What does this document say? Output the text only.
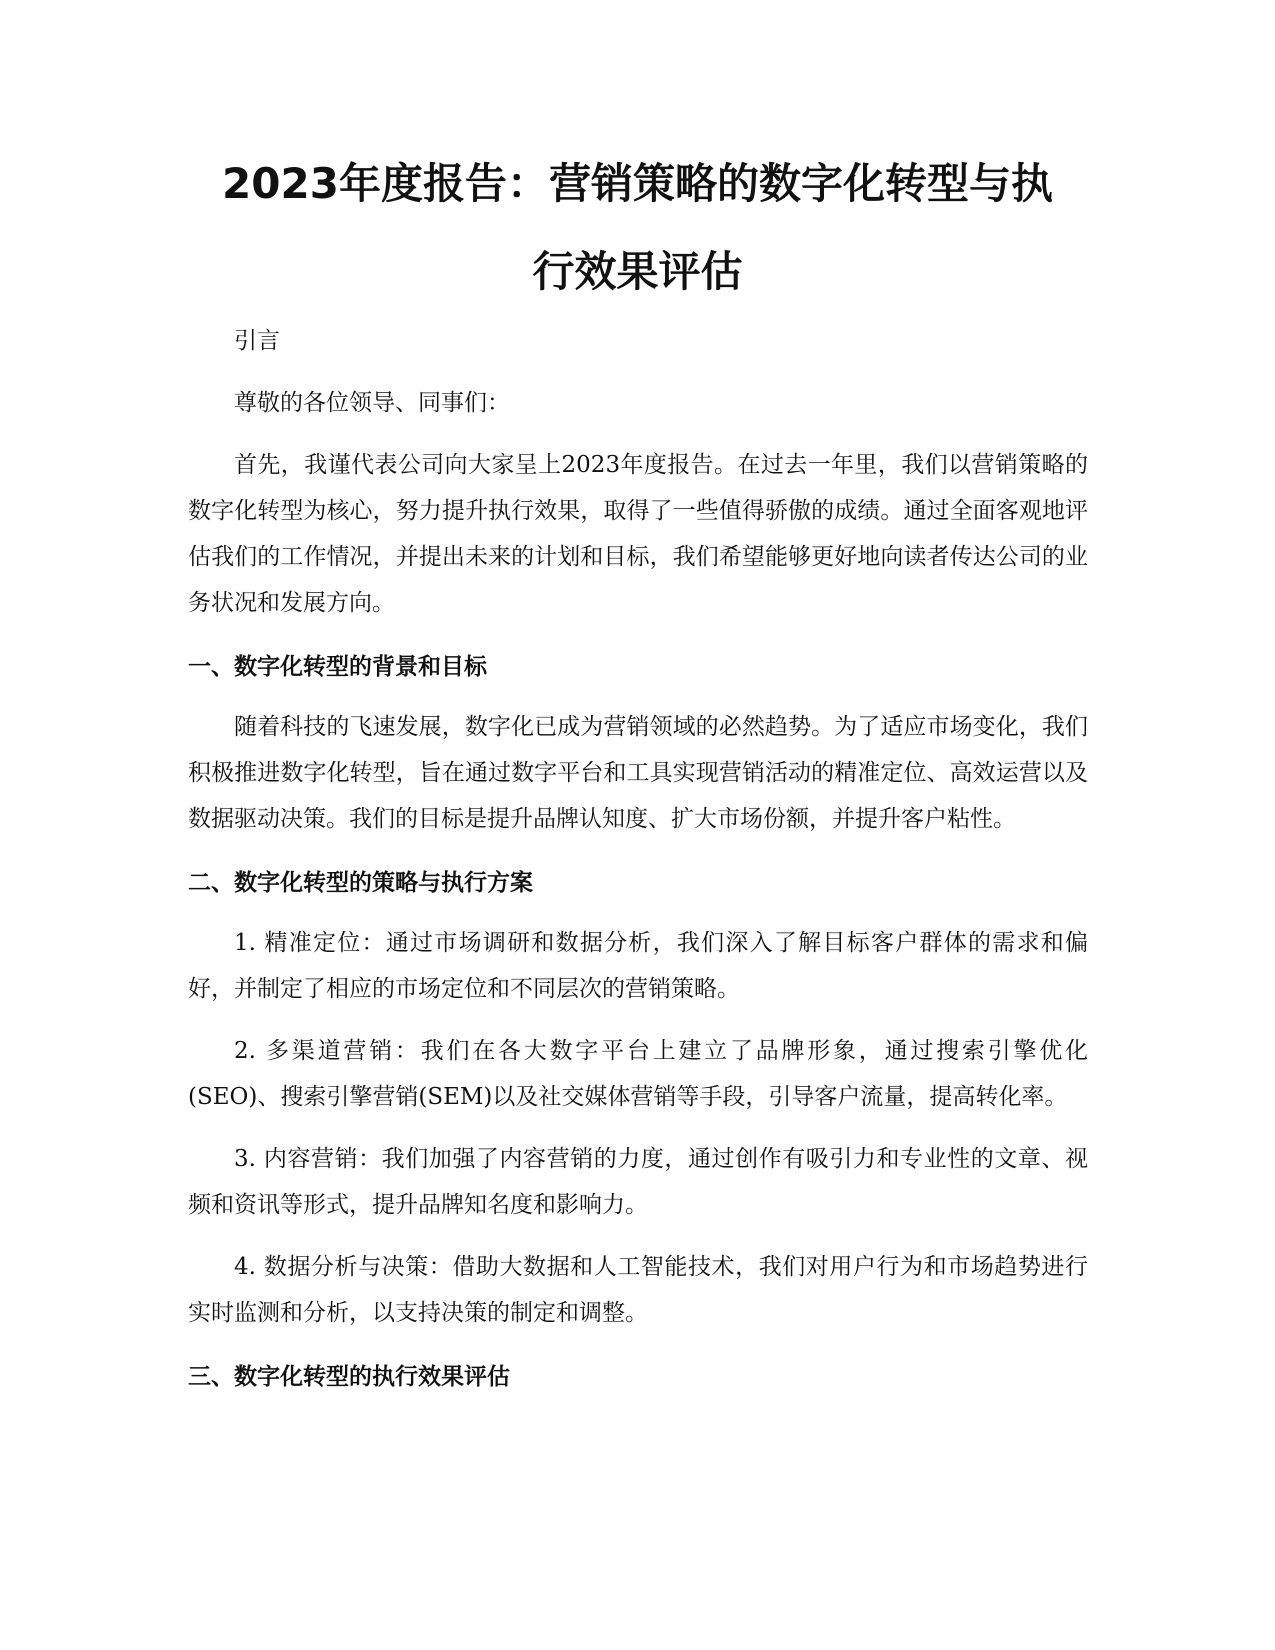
2023年度报告：营销策略的数字化转型与执
行效果评估

引言

尊敬的各位领导、同事们：

首先，我谨代表公司向大家呈上2023年度报告。在过去一年里，我们以营销策略的数字化转型为核心，努力提升执行效果，取得了一些值得骄傲的成绩。通过全面客观地评估我们的工作情况，并提出未来的计划和目标，我们希望能够更好地向读者传达公司的业务状况和发展方向。

一、数字化转型的背景和目标

随着科技的飞速发展，数字化已成为营销领域的必然趋势。为了适应市场变化，我们积极推进数字化转型，旨在通过数字平台和工具实现营销活动的精准定位、高效运营以及数据驱动决策。我们的目标是提升品牌认知度、扩大市场份额，并提升客户粘性。

二、数字化转型的策略与执行方案

1. 精准定位：通过市场调研和数据分析，我们深入了解目标客户群体的需求和偏好，并制定了相应的市场定位和不同层次的营销策略。

2. 多渠道营销：我们在各大数字平台上建立了品牌形象，通过搜索引擎优化(SEO)、搜索引擎营销(SEM)以及社交媒体营销等手段，引导客户流量，提高转化率。

3. 内容营销：我们加强了内容营销的力度，通过创作有吸引力和专业性的文章、视频和资讯等形式，提升品牌知名度和影响力。

4. 数据分析与决策：借助大数据和人工智能技术，我们对用户行为和市场趋势进行实时监测和分析，以支持决策的制定和调整。

三、数字化转型的执行效果评估
